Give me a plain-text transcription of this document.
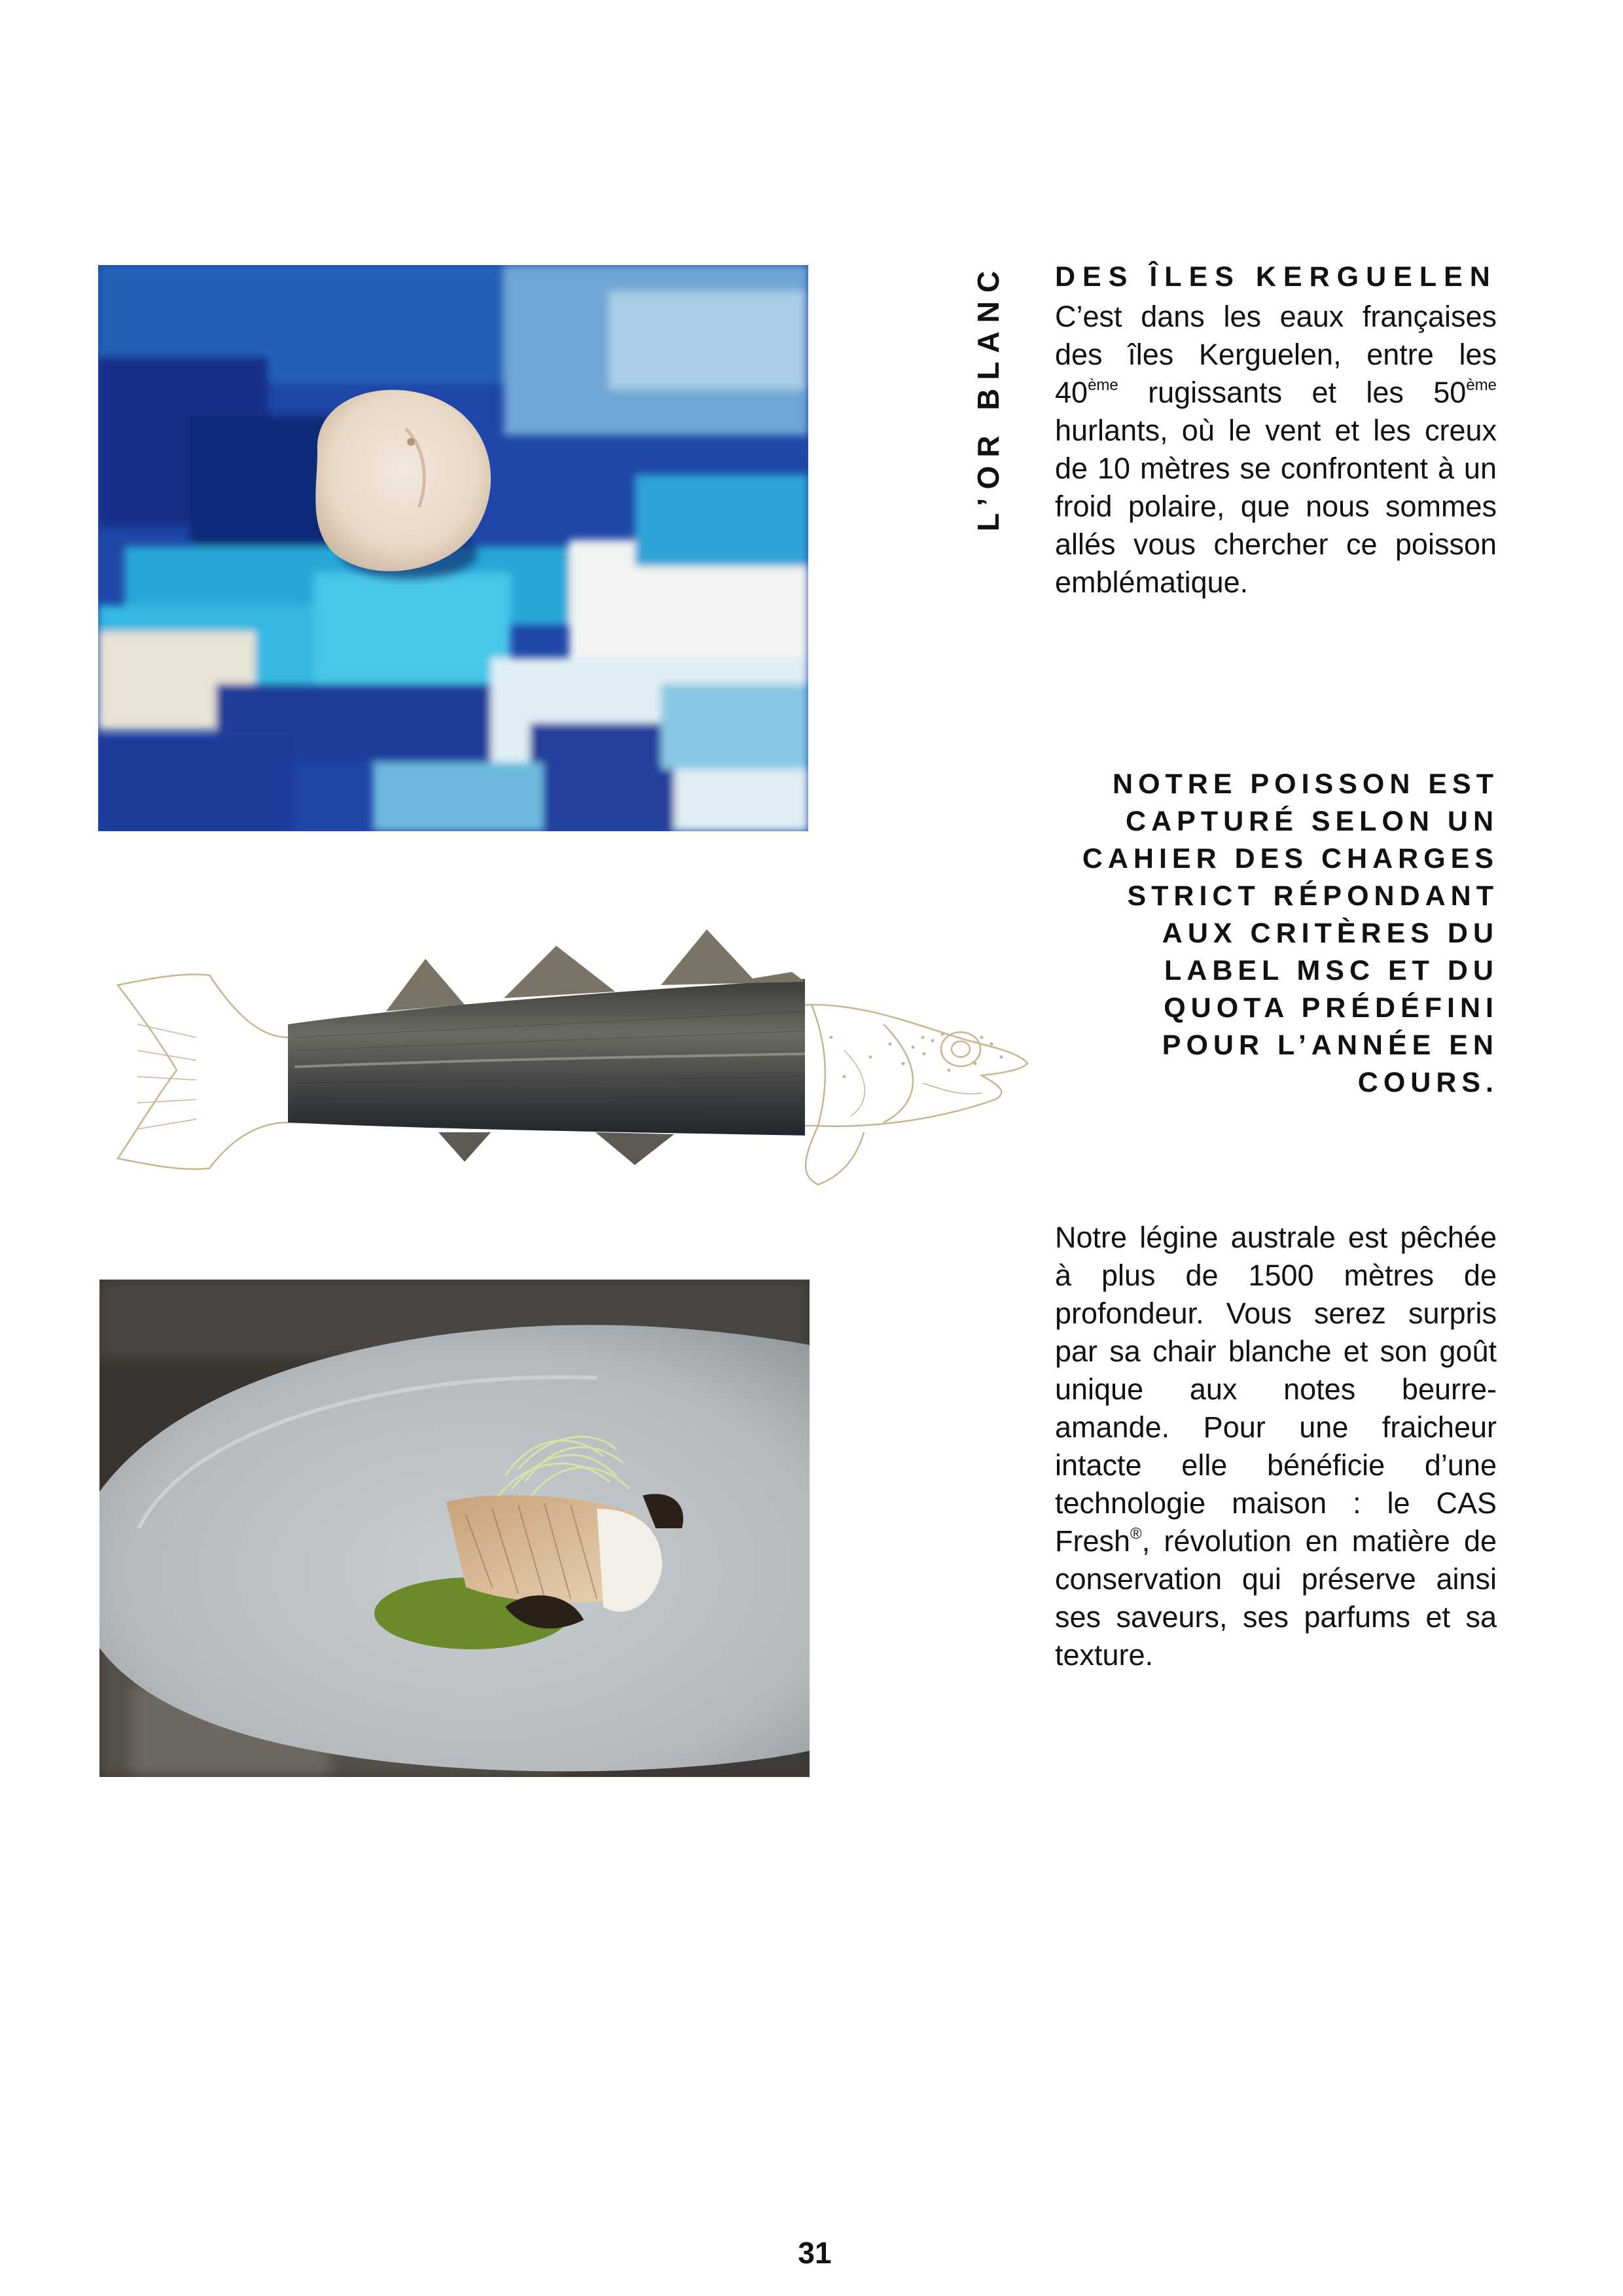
L’OR BLANC DES ÎLES KERGUELEN
C’est dans les eaux françaises des îles Kerguelen, entre les 40ème rugissants et les 50ème hurlants, où le vent et les creux de 10 mètres se confrontent à un froid polaire, que nous sommes allés vous chercher ce poisson emblématique.
NOTRE POISSON EST
CAPTURÉ SELON UN
CAHIER DES CHARGES
STRICT RÉPONDANT
AUX CRITÈRES DU
LABEL MSC ET DU
QUOTA PRÉDÉFINI
POUR L’ANNÉE EN
COURS.
Notre légine australe est pêchée à plus de 1500 mètres de profondeur. Vous serez surpris par sa chair blanche et son goût unique aux notes beurre-amande. Pour une fraicheur intacte elle bénéficie d’une technologie maison : le CAS Fresh®, révolution en matière de conservation qui préserve ainsi ses saveurs, ses parfums et sa texture.
31
